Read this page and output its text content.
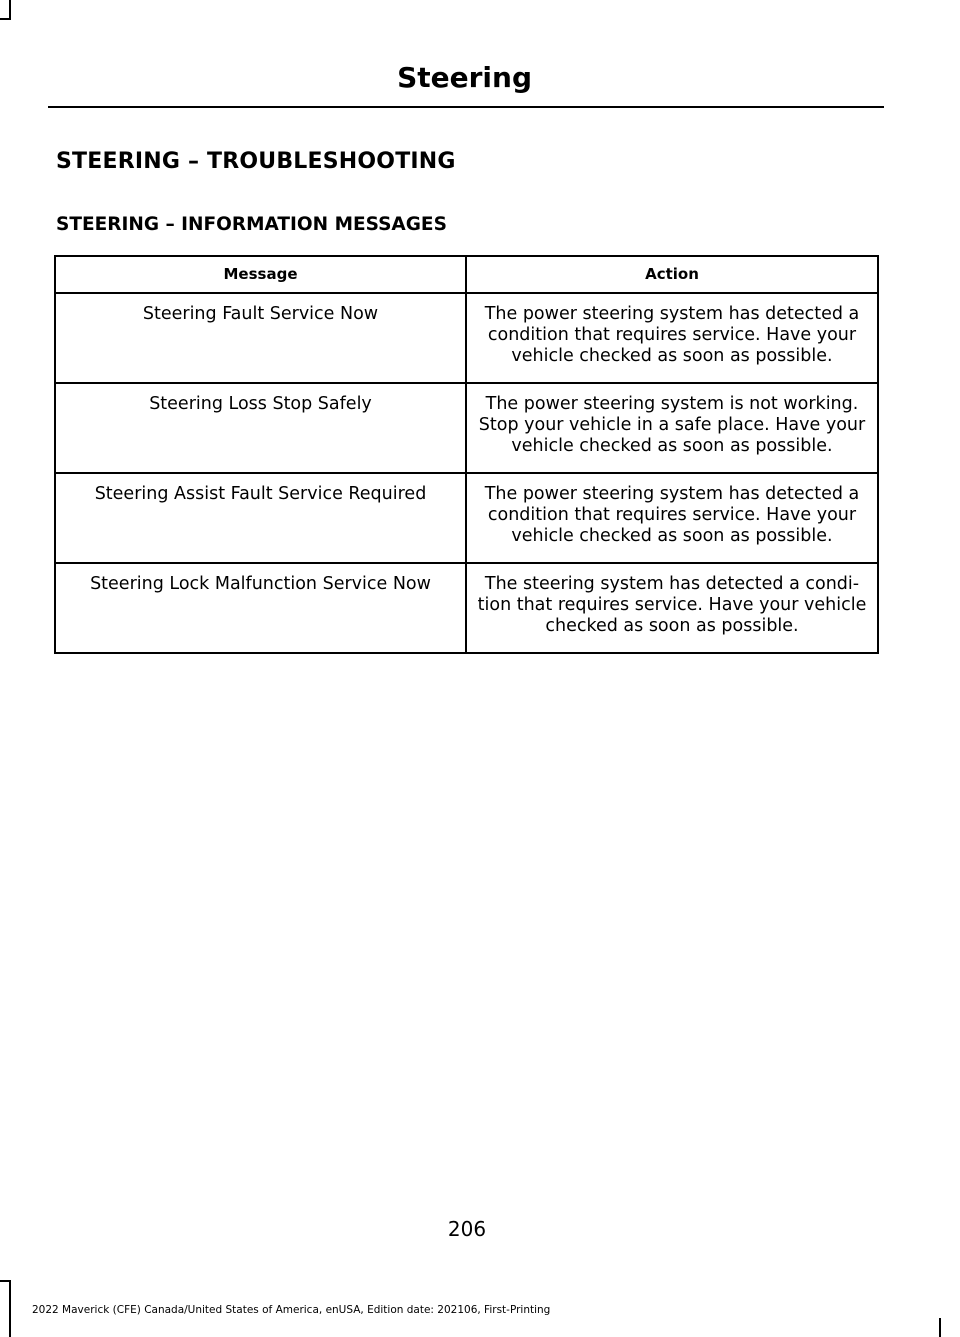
Steering
STEERING – TROUBLESHOOTING
STEERING – INFORMATION MESSAGES
Message	Action
Steering Fault Service Now	The power steering system has detected a condition that requires service. Have your vehicle checked as soon as possible.
Steering Loss Stop Safely	The power steering system is not working. Stop your vehicle in a safe place. Have your vehicle checked as soon as possible.
Steering Assist Fault Service Required	The power steering system has detected a condition that requires service. Have your vehicle checked as soon as possible.
Steering Lock Malfunction Service Now	The steering system has detected a condi-tion that requires service. Have your vehicle checked as soon as possible.
206
2022 Maverick (CFE) Canada/United States of America, enUSA, Edition date: 202106, First-Printing
